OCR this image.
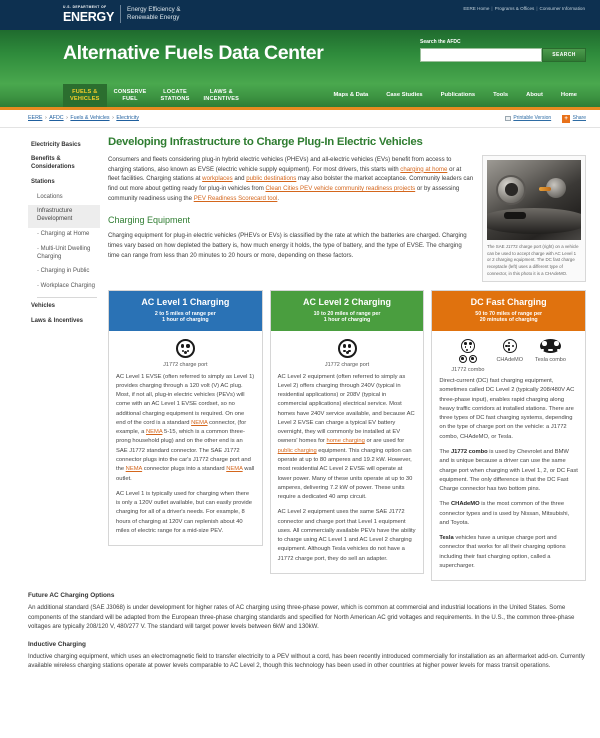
U.S. DEPARTMENT OF
ENERGY
Energy Efficiency &
Renewable Energy
EERE Home | Programs & Offices | Consumer Information
Alternative Fuels Data Center	Search the AFDC
SEARCH
FUELS &
VEHICLES
CONSERVE
FUEL
LOCATE
STATIONS
LAWS &
INCENTIVES
Maps & Data	Case Studies	Publications	Tools	About	Home
EERE › AFDC › Fuels & Vehicles › Electricity	Printable Version	+ Share
Electricity Basics
Benefits & Considerations
Stations
Locations
Infrastructure Development
- Charging at Home
- Multi-Unit Dwelling Charging
- Charging in Public
- Workplace Charging
Vehicles
Laws & Incentives
Developing Infrastructure to Charge Plug-In Electric Vehicles

Consumers and fleets considering plug-in hybrid electric vehicles (PHEVs) and all-electric vehicles (EVs) benefit from access to charging stations, also known as EVSE (electric vehicle supply equipment). For most drivers, this starts with charging at home or at fleet facilities. Charging stations at workplaces and public destinations may also bolster the market acceptance. Community leaders can find out more about getting ready for plug-in vehicles from Clean Cities PEV vehicle community readiness projects or by assessing community readiness using the PEV Readiness Scorecard tool.

Charging Equipment

Charging equipment for plug-in electric vehicles (PHEVs or EVs) is classified by the rate at which the batteries are charged. Charging times vary based on how depleted the battery is, how much energy it holds, the type of battery, and the type of EVSE. The charging time can range from less than 20 minutes to 20 hours or more, depending on these factors.

The SAE J1772 charge port (right) on a vehicle can be used to accept charge with AC Level 1 or 2 charging equipment. The DC fast charge receptacle (left) uses a different type of connector, in this photo it is a CHAdeMO.
AC Level 1 Charging
2 to 5 miles of range per
1 hour of charging
J1772 charge port

AC Level 1 EVSE (often referred to simply as Level 1) provides charging through a 120 volt (V) AC plug. Most, if not all, plug-in electric vehicles (PEVs) will come with an AC Level 1 EVSE cordset, so no additional charging equipment is required. On one end of the cord is a standard NEMA connector, (for example, a NEMA 5-15, which is a common three-prong household plug) and on the other end is an SAE J1772 standard connector. The SAE J1772 connector plugs into the car's J1772 charge port and the NEMA connector plugs into a standard NEMA wall outlet.

AC Level 1 is typically used for charging when there is only a 120V outlet available, but can easily provide charging for all of a driver's needs. For example, 8 hours of charging at 120V can replenish about 40 miles of electric range for a mid-size PEV.

AC Level 2 Charging
10 to 20 miles of range per
1 hour of charging
J1772 charge port

AC Level 2 equipment (often referred to simply as Level 2) offers charging through 240V (typical in residential applications) or 208V (typical in commercial applications) electrical service. Most homes have 240V service available, and because AC Level 2 EVSE can charge a typical EV battery overnight, they will commonly be installed at EV owners' homes for home charging or are used for public charging equipment. This charging option can operate at up to 80 amperes and 19.2 kW. However, most residential AC Level 2 EVSE will operate at lower power. Many of these units operate at up to 30 amperes, delivering 7.2 kW of power. These units require a dedicated 40 amp circuit.

AC Level 2 equipment uses the same SAE J1772 connector and charge port that Level 1 equipment uses. All commercially available PEVs have the ability to charge using AC Level 1 and AC Level 2 charging equipment. Although Tesla vehicles do not have a J1772 charge port, they do sell an adapter.

DC Fast Charging
50 to 70 miles of range per
20 minutes of charging
J1772 combo
CHAdeMO Tesla combo

Direct-current (DC) fast charging equipment, sometimes called DC Level 2 (typically 208/480V AC three-phase input), enables rapid charging along heavy traffic corridors at installed stations. There are three types of DC fast charging systems, depending on the type of charge port on the vehicle: a J1772 combo, CHAdeMO, or Tesla.

The J1772 combo is used by Chevrolet and BMW and is unique because a driver can use the same charge port when charging with Level 1, 2, or DC Fast equipment. The only difference is that the DC Fast Charge connector has two bottom pins.

The CHAdeMO is the most common of the three connector types and is used by Nissan, Mitsubishi, and Toyota.

Tesla vehicles have a unique charge port and connector that works for all their charging options including their fast charging option, called a supercharger.

Future AC Charging Options
An additional standard (SAE J3068) is under development for higher rates of AC charging using three-phase power, which is common at commercial and industrial locations in the United States. Some components of the standard will be adapted from the European three-phase charging standards and specified for North American AC grid voltages and requirements. In the U.S., the common three-phase voltages are typically 208/120 V, 480/277 V. The standard will target power levels between 6kW and 130kW.
Inductive Charging
Inductive charging equipment, which uses an electromagnetic field to transfer electricity to a PEV without a cord, has been recently introduced commercially for installation as an aftermarket add-on. Currently available wireless charging stations operate at power levels comparable to AC Level 2, though this technology has been used in other countries at higher power levels for mass transit operations.
